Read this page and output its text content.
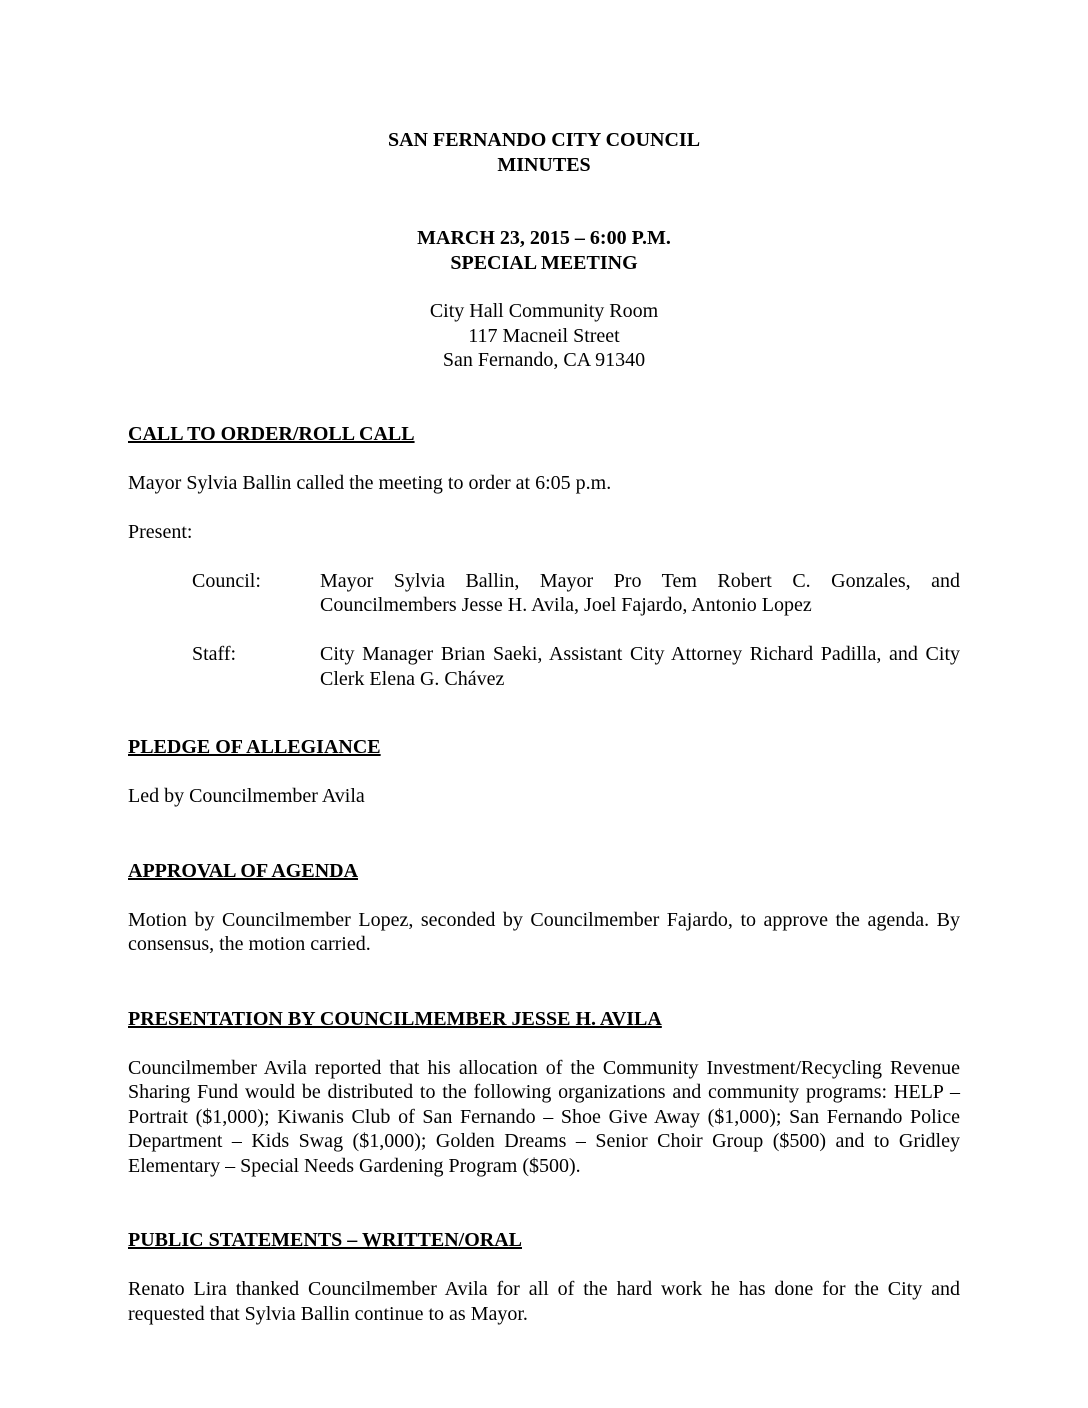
SAN FERNANDO CITY COUNCIL
MINUTES
MARCH 23, 2015 – 6:00 P.M.
SPECIAL MEETING
City Hall Community Room
117 Macneil Street
San Fernando, CA 91340

CALL TO ORDER/ROLL CALL

Mayor Sylvia Ballin called the meeting to order at 6:05 p.m.

Present:

Council:	Mayor Sylvia Ballin, Mayor Pro Tem Robert C. Gonzales, and Councilmembers Jesse H. Avila, Joel Fajardo, Antonio Lopez
Staff:	City Manager Brian Saeki, Assistant City Attorney Richard Padilla, and City Clerk Elena G. Chávez

PLEDGE OF ALLEGIANCE

Led by Councilmember Avila

APPROVAL OF AGENDA

Motion by Councilmember Lopez, seconded by Councilmember Fajardo, to approve the agenda. By consensus, the motion carried.

PRESENTATION BY COUNCILMEMBER JESSE H. AVILA

Councilmember Avila reported that his allocation of the Community Investment/Recycling Revenue Sharing Fund would be distributed to the following organizations and community programs: HELP – Portrait ($1,000); Kiwanis Club of San Fernando – Shoe Give Away ($1,000); San Fernando Police Department – Kids Swag ($1,000); Golden Dreams – Senior Choir Group ($500) and to Gridley Elementary – Special Needs Gardening Program ($500).

PUBLIC STATEMENTS – WRITTEN/ORAL

Renato Lira thanked Councilmember Avila for all of the hard work he has done for the City and requested that Sylvia Ballin continue to as Mayor.
